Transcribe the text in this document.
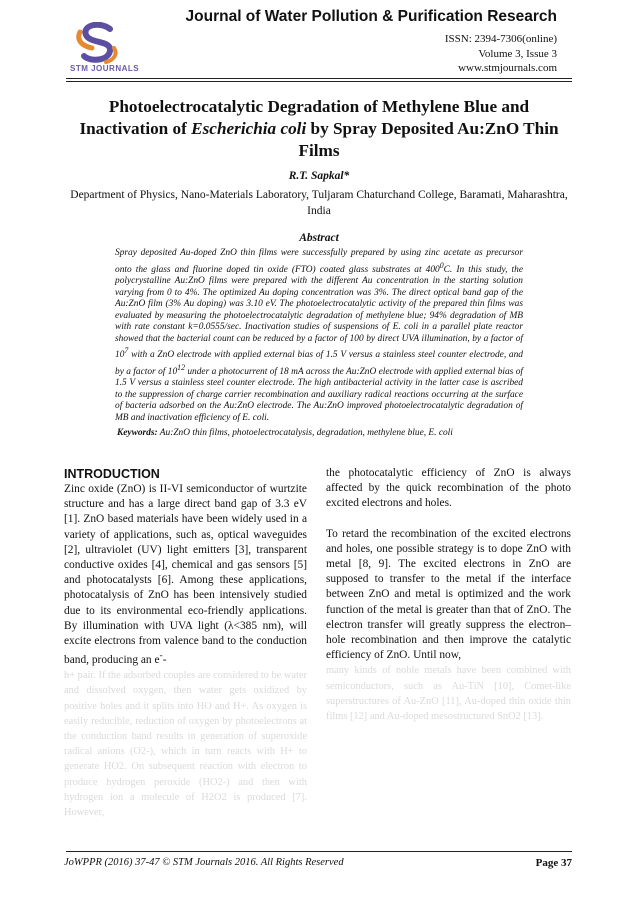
STM JOURNALS
Journal of Water Pollution & Purification Research
ISSN: 2394-7306(online)
Volume 3, Issue 3
www.stmjournals.com
Photoelectrocatalytic Degradation of Methylene Blue and Inactivation of Escherichia coli by Spray Deposited Au:ZnO Thin Films
R.T. Sapkal*
Department of Physics, Nano-Materials Laboratory, Tuljaram Chaturchand College, Baramati, Maharashtra, India
Abstract
Spray deposited Au-doped ZnO thin films were successfully prepared by using zinc acetate as precursor onto the glass and fluorine doped tin oxide (FTO) coated glass substrates at $400^0C$. In this study, the polycrystalline Au:ZnO films were prepared with the different Au concentration in the starting solution varying from 0 to 4%. The optimized Au doping concentration was 3%. The direct optical band gap of the Au:ZnO film (3% Au doping) was 3.10 eV. The photoelectrocatalytic activity of the prepared thin films was evaluated by measuring the photoelectrocatalytic degradation of methylene blue; 94% degradation of MB with rate constant k=0.0555/sec. Inactivation studies of suspensions of E. coli in a parallel plate reactor showed that the bacterial count can be reduced by a factor of 100 by direct UVA illumination, by a factor of $10^7$ with a ZnO electrode with applied external bias of 1.5 V versus a stainless steel counter electrode, and by a factor of $10^{12}$ under a photocurrent of 18 mA across the Au:ZnO electrode with applied external bias of 1.5 V versus a stainless steel counter electrode. The high antibacterial activity in the latter case is ascribed to the suppression of charge carrier recombination and auxiliary radical reactions occurring at the surface of bacteria adsorbed on the Au:ZnO electrode. The Au:ZnO improved photoelectrocatalytic degradation of MB and inactivation efficiency of E. coli.
Keywords: Au:ZnO thin films, photoelectrocatalysis, degradation, methylene blue, E. coli
INTRODUCTION

Zinc oxide (ZnO) is II-VI semiconductor of wurtzite structure and has a large direct band gap of 3.3 eV [1]. ZnO based materials have been widely used in a variety of applications, such as, optical waveguides [2], ultraviolet (UV) light emitters [3], transparent conductive oxides [4], chemical and gas sensors [5] and photocatalysts [6]. Among these applications, photocatalysis of ZnO has been intensively studied due to its environmental eco-friendly applications. By illumination with UVA light (λ<385 nm), will excite electrons from valence band to the conduction band, producing an e--

h+ pair. If the adsorbed couples are considered to be water and dissolved oxygen, then water gets oxidized by positive holes and it splits into HO and H+. As oxygen is easily reducible, reduction of oxygen by photoelectrons at the conduction band results in generation of superoxide radical anions (O2-), which in turn reacts with H+ to generate HO2. On subsequent reaction with electron to produce hydrogen peroxide (HO2-) and then with hydrogen ion a molecule of H2O2 is produced [7]. However,

the photocatalytic efficiency of ZnO is always affected by the quick recombination of the photo excited electrons and holes.

To retard the recombination of the excited electrons and holes, one possible strategy is to dope ZnO with metal [8, 9]. The excited electrons in ZnO are supposed to transfer to the metal if the interface between ZnO and metal is optimized and the work function of the metal is greater than that of ZnO. The electron transfer will greatly suppress the electron–hole recombination and then improve the catalytic efficiency of ZnO. Until now,

many kinds of noble metals have been combined with semiconductors, such as Au-TiN [10], Comet-like superstructures of Au-ZnO [11], Au-doped thin oxide thin films [12] and Au-doped mesostructured SnO2 [13].

JoWPPR (2016) 37-47 © STM Journals 2016. All Rights Reserved	Page 37
